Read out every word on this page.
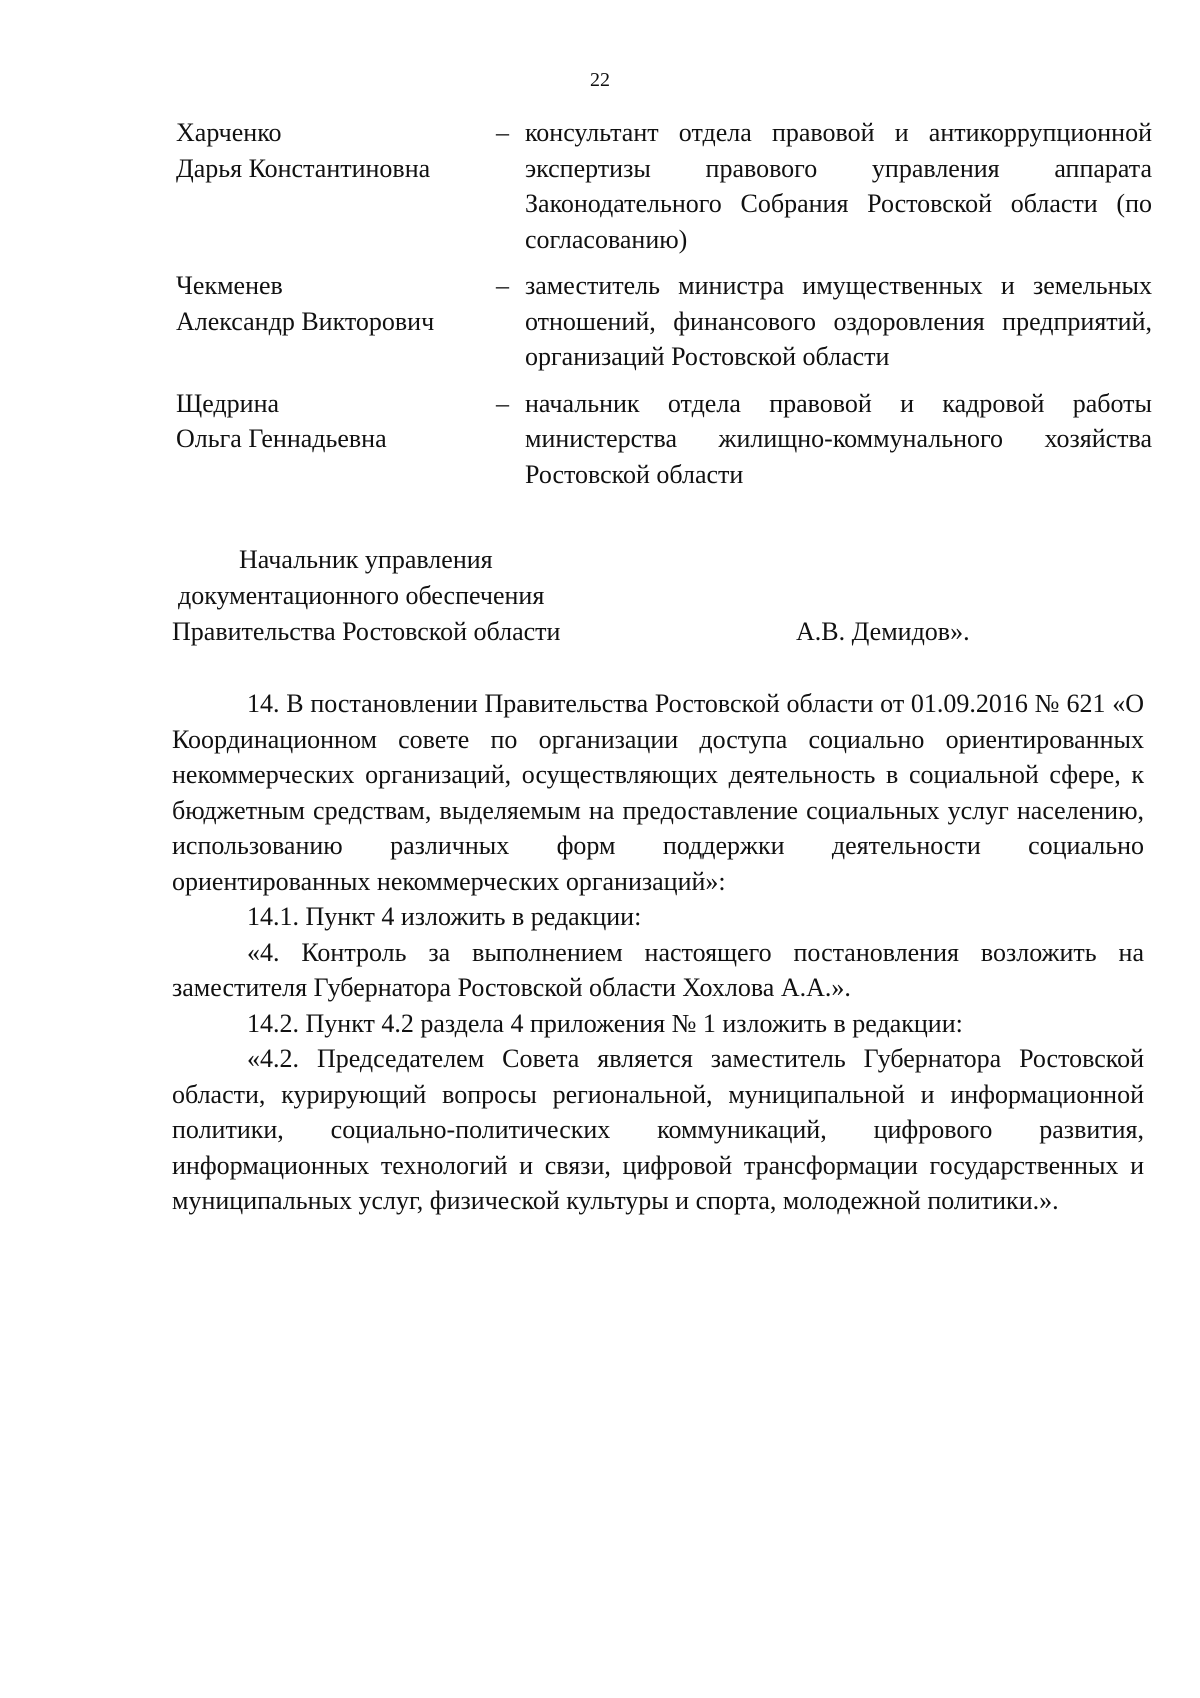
22
Харченко
Дарья Константиновна
– консультант отдела правовой и антикоррупционной экспертизы правового управления аппарата Законодательного Собрания Ростовской области (по согласованию)
Чекменев
Александр Викторович
– заместитель министра имущественных и земельных отношений, финансового оздоровления предприятий, организаций Ростовской области
Щедрина
Ольга Геннадьевна
– начальник отдела правовой и кадровой работы министерства жилищно-коммунального хозяйства Ростовской области
Начальник управления
документационного обеспечения
Правительства Ростовской области	А.В. Демидов».

14. В постановлении Правительства Ростовской области от 01.09.2016 № 621 «О Координационном совете по организации доступа социально ориентированных некоммерческих организаций, осуществляющих деятельность в социальной сфере, к бюджетным средствам, выделяемым на предоставление социальных услуг населению, использованию различных форм поддержки деятельности социально ориентированных некоммерческих организаций»:

14.1. Пункт 4 изложить в редакции:

«4. Контроль за выполнением настоящего постановления возложить на заместителя Губернатора Ростовской области Хохлова А.А.».

14.2. Пункт 4.2 раздела 4 приложения № 1 изложить в редакции:

«4.2. Председателем Совета является заместитель Губернатора Ростовской области, курирующий вопросы региональной, муниципальной и информационной политики, социально-политических коммуникаций, цифрового развития, информационных технологий и связи, цифровой трансформации государственных и муниципальных услуг, физической культуры и спорта, молодежной политики.».
